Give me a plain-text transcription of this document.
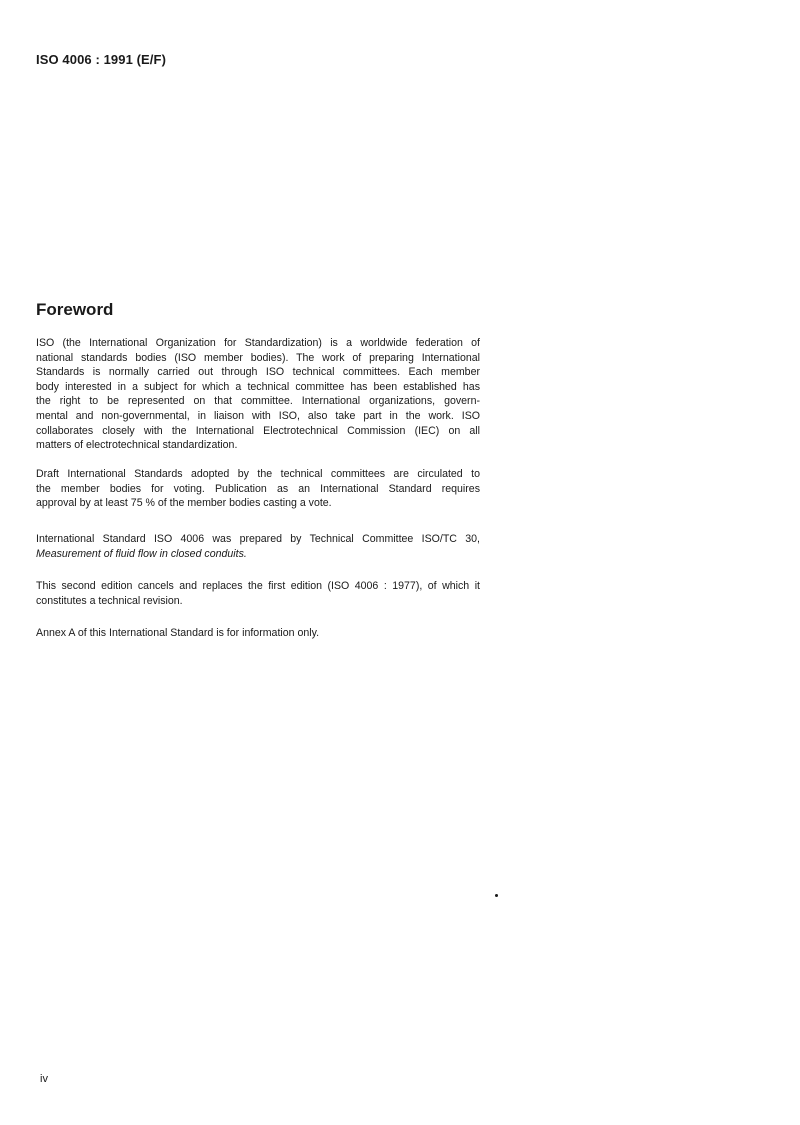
ISO 4006 : 1991 (E/F)
Foreword
ISO (the International Organization for Standardization) is a worldwide federation of
national standards bodies (ISO member bodies). The work of preparing International
Standards is normally carried out through ISO technical committees. Each member
body interested in a subject for which a technical committee has been established has
the right to be represented on that committee. International organizations, govern-
mental and non-governmental, in liaison with ISO, also take part in the work. ISO
collaborates closely with the International Electrotechnical Commission (IEC) on all
matters of electrotechnical standardization.
Draft International Standards adopted by the technical committees are circulated to
the member bodies for voting. Publication as an International Standard requires
approval by at least 75 % of the member bodies casting a vote.
International Standard ISO 4006 was prepared by Technical Committee ISO/TC 30,
Measurement of fluid flow in closed conduits.
This second edition cancels and replaces the first edition (ISO 4006 : 1977), of which it
constitutes a technical revision.
Annex A of this International Standard is for information only.
iv
